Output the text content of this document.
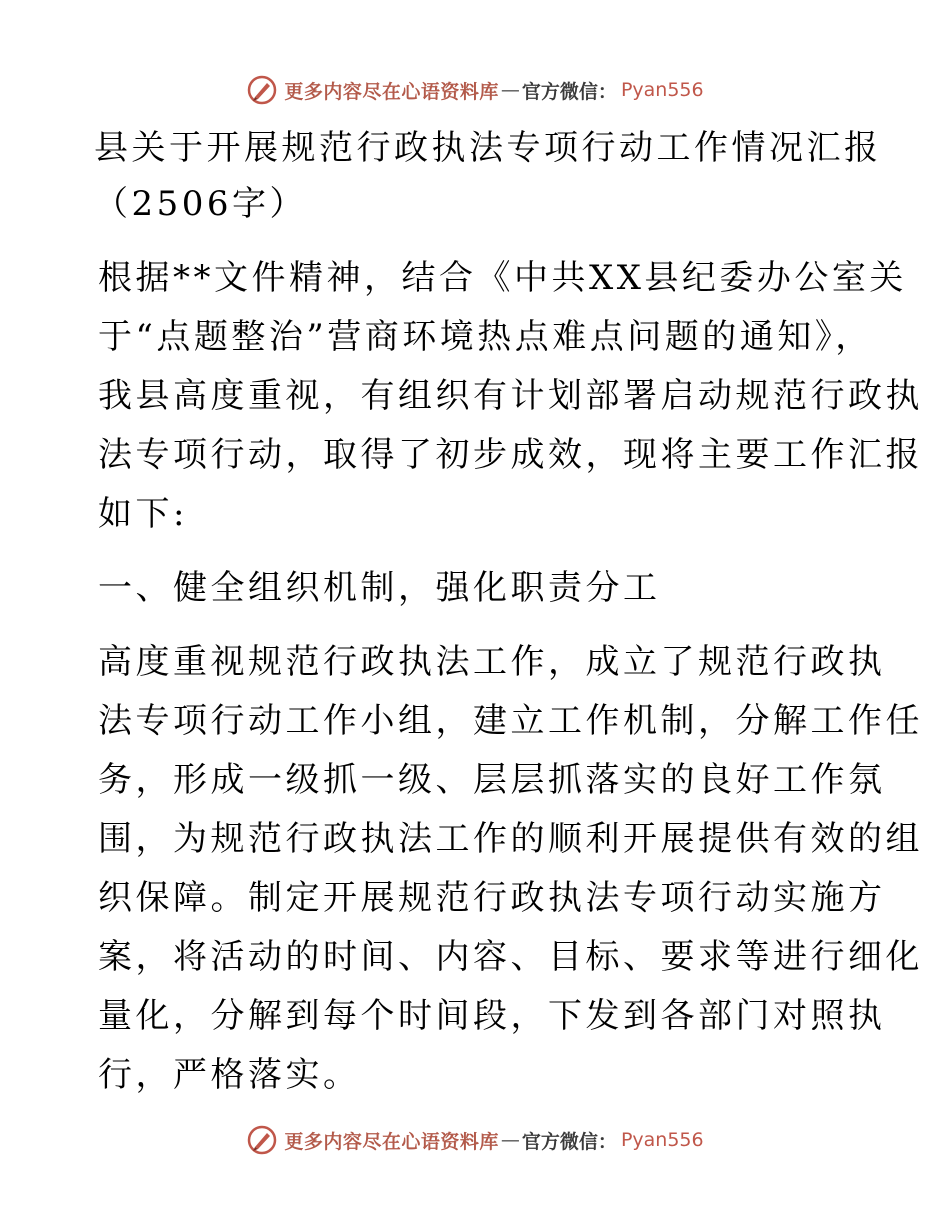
更多内容尽在心语资料库 — 官方微信： Pyan556
县关于开展规范行政执法专项行动工作情况汇报
（2506字）
根据**文件精神，结合《中共XX县纪委办公室关
于“点题整治”营商环境热点难点问题的通知》，
我县高度重视，有组织有计划部署启动规范行政执
法专项行动，取得了初步成效，现将主要工作汇报
如下:
一、健全组织机制，强化职责分工
高度重视规范行政执法工作，成立了规范行政执
法专项行动工作小组，建立工作机制，分解工作任
务，形成一级抓一级、层层抓落实的良好工作氛
围，为规范行政执法工作的顺利开展提供有效的组
织保障。制定开展规范行政执法专项行动实施方
案，将活动的时间、内容、目标、要求等进行细化
量化，分解到每个时间段，下发到各部门对照执
行，严格落实。
更多内容尽在心语资料库 — 官方微信： Pyan556
